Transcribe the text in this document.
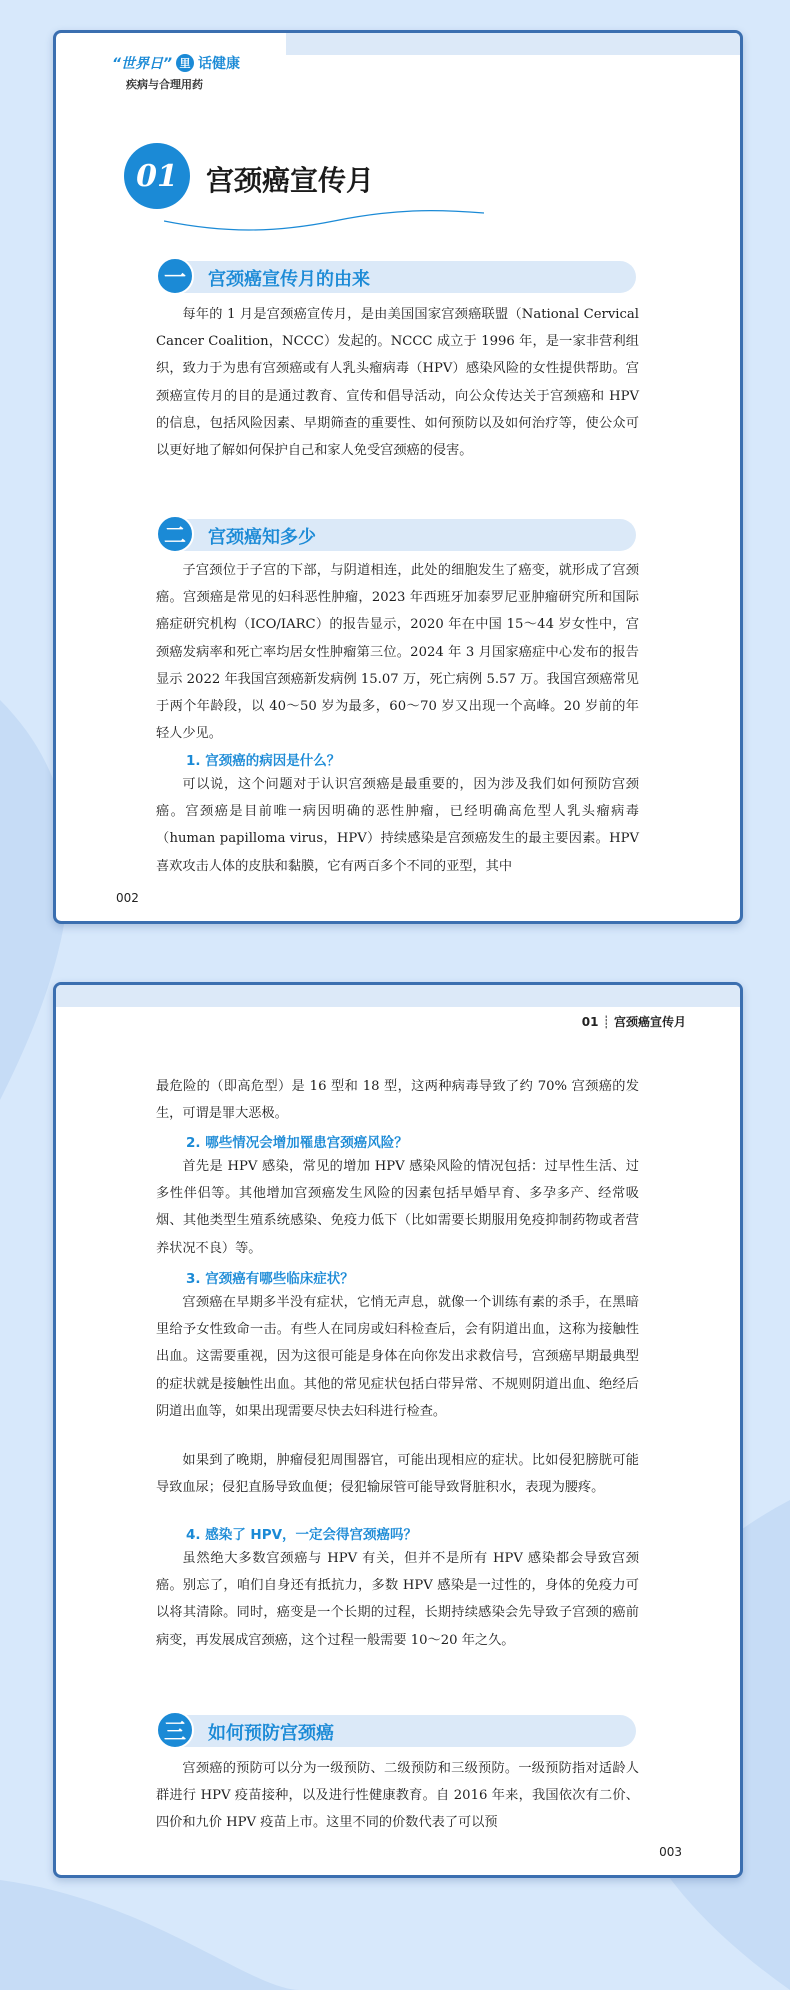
“世界日” 里 话健康
疾病与合理用药
01	宫颈癌宣传月
一	宫颈癌宣传月的由来

每年的 1 月是宫颈癌宣传月，是由美国国家宫颈癌联盟（National Cervical Cancer Coalition，NCCC）发起的。NCCC 成立于 1996 年，是一家非营利组织，致力于为患有宫颈癌或有人乳头瘤病毒（HPV）感染风险的女性提供帮助。宫颈癌宣传月的目的是通过教育、宣传和倡导活动，向公众传达关于宫颈癌和 HPV 的信息，包括风险因素、早期筛查的重要性、如何预防以及如何治疗等，使公众可以更好地了解如何保护自己和家人免受宫颈癌的侵害。

二	宫颈癌知多少

子宫颈位于子宫的下部，与阴道相连，此处的细胞发生了癌变，就形成了宫颈癌。宫颈癌是常见的妇科恶性肿瘤，2023 年西班牙加泰罗尼亚肿瘤研究所和国际癌症研究机构（ICO/IARC）的报告显示，2020 年在中国 15～44 岁女性中，宫颈癌发病率和死亡率均居女性肿瘤第三位。2024 年 3 月国家癌症中心发布的报告显示 2022 年我国宫颈癌新发病例 15.07 万，死亡病例 5.57 万。我国宫颈癌常见于两个年龄段，以 40～50 岁为最多，60～70 岁又出现一个高峰。20 岁前的年轻人少见。

1. 宫颈癌的病因是什么？

可以说，这个问题对于认识宫颈癌是最重要的，因为涉及我们如何预防宫颈癌。宫颈癌是目前唯一病因明确的恶性肿瘤，已经明确高危型人乳头瘤病毒（human papilloma virus，HPV）持续感染是宫颈癌发生的最主要因素。HPV 喜欢攻击人体的皮肤和黏膜，它有两百多个不同的亚型，其中

002
01 ┊ 宫颈癌宣传月

最危险的（即高危型）是 16 型和 18 型，这两种病毒导致了约 70% 宫颈癌的发生，可谓是罪大恶极。

2. 哪些情况会增加罹患宫颈癌风险？

首先是 HPV 感染，常见的增加 HPV 感染风险的情况包括：过早性生活、过多性伴侣等。其他增加宫颈癌发生风险的因素包括早婚早育、多孕多产、经常吸烟、其他类型生殖系统感染、免疫力低下（比如需要长期服用免疫抑制药物或者营养状况不良）等。

3. 宫颈癌有哪些临床症状？

宫颈癌在早期多半没有症状，它悄无声息，就像一个训练有素的杀手，在黑暗里给予女性致命一击。有些人在同房或妇科检查后，会有阴道出血，这称为接触性出血。这需要重视，因为这很可能是身体在向你发出求救信号，宫颈癌早期最典型的症状就是接触性出血。其他的常见症状包括白带异常、不规则阴道出血、绝经后阴道出血等，如果出现需要尽快去妇科进行检查。

如果到了晚期，肿瘤侵犯周围器官，可能出现相应的症状。比如侵犯膀胱可能导致血尿；侵犯直肠导致血便；侵犯输尿管可能导致肾脏积水，表现为腰疼。

4. 感染了 HPV，一定会得宫颈癌吗？

虽然绝大多数宫颈癌与 HPV 有关，但并不是所有 HPV 感染都会导致宫颈癌。别忘了，咱们自身还有抵抗力，多数 HPV 感染是一过性的，身体的免疫力可以将其清除。同时，癌变是一个长期的过程，长期持续感染会先导致子宫颈的癌前病变，再发展成宫颈癌，这个过程一般需要 10～20 年之久。

三	如何预防宫颈癌

宫颈癌的预防可以分为一级预防、二级预防和三级预防。一级预防指对适龄人群进行 HPV 疫苗接种，以及进行性健康教育。自 2016 年来，我国依次有二价、四价和九价 HPV 疫苗上市。这里不同的价数代表了可以预

003
